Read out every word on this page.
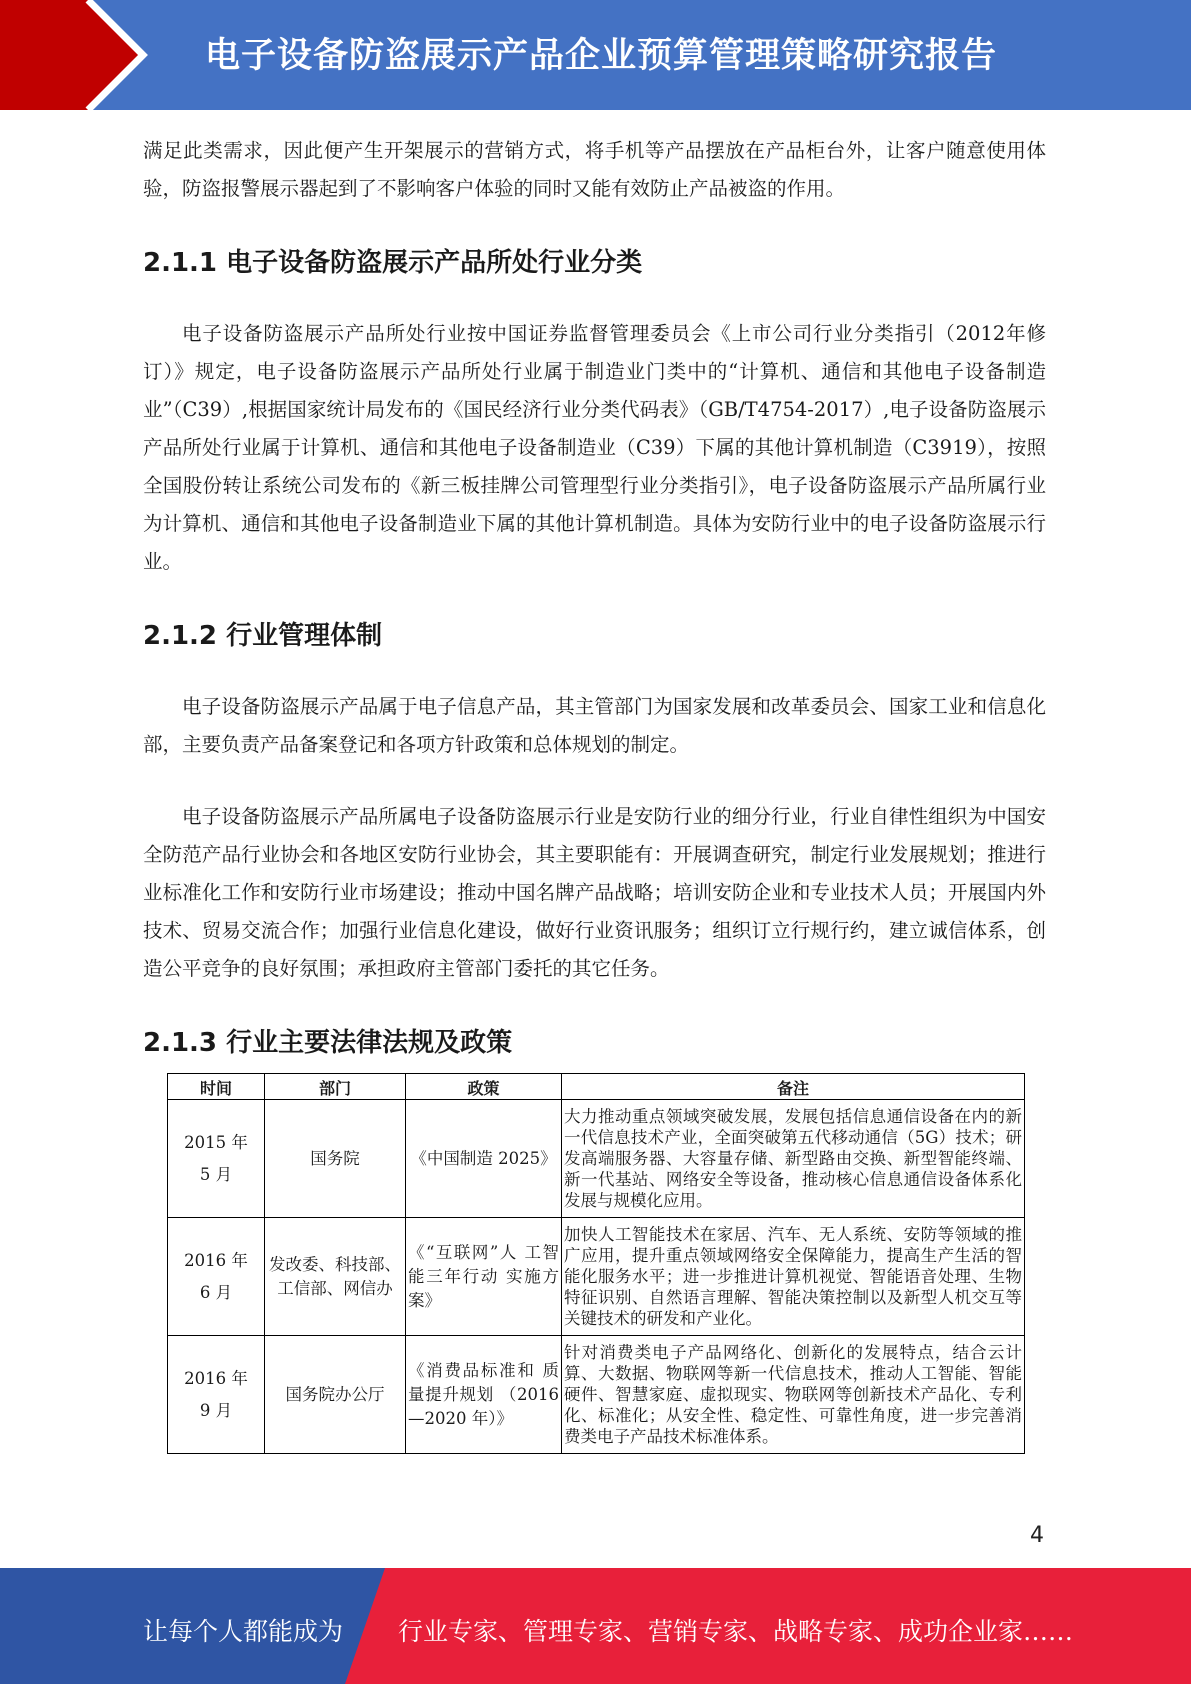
电子设备防盗展示产品企业预算管理策略研究报告

满足此类需求，因此便产生开架展示的营销方式，将手机等产品摆放在产品柜台外，让客户随意使用体验，防盗报警展示器起到了不影响客户体验的同时又能有效防止产品被盗的作用。

2.1.1 电子设备防盗展示产品所处行业分类

电子设备防盗展示产品所处行业按中国证券监督管理委员会《上市公司行业分类指引（2012年修订）》规定，电子设备防盗展示产品所处行业属于制造业门类中的“计算机、通信和其他电子设备制造业”（C39）,根据国家统计局发布的《国民经济行业分类代码表》（GB/T4754-2017）,电子设备防盗展示产品所处行业属于计算机、通信和其他电子设备制造业（C39）下属的其他计算机制造（C3919），按照全国股份转让系统公司发布的《新三板挂牌公司管理型行业分类指引》，电子设备防盗展示产品所属行业为计算机、通信和其他电子设备制造业下属的其他计算机制造。具体为安防行业中的电子设备防盗展示行业。

2.1.2 行业管理体制

电子设备防盗展示产品属于电子信息产品，其主管部门为国家发展和改革委员会、国家工业和信息化部，主要负责产品备案登记和各项方针政策和总体规划的制定。

电子设备防盗展示产品所属电子设备防盗展示行业是安防行业的细分行业，行业自律性组织为中国安全防范产品行业协会和各地区安防行业协会，其主要职能有：开展调查研究，制定行业发展规划；推进行业标准化工作和安防行业市场建设；推动中国名牌产品战略；培训安防企业和专业技术人员；开展国内外技术、贸易交流合作；加强行业信息化建设，做好行业资讯服务；组织订立行规行约，建立诚信体系，创造公平竞争的良好氛围；承担政府主管部门委托的其它任务。

2.1.3 行业主要法律法规及政策
时间	部门	政策	备注
2015 年 5 月	国务院	《中国制造 2025》	大力推动重点领域突破发展，发展包括信息通信设备在内的新一代信息技术产业，全面突破第五代移动通信（5G）技术；研发高端服务器、大容量存储、新型路由交换、新型智能终端、新一代基站、网络安全等设备，推动核心信息通信设备体系化发展与规模化应用。
2016 年 6 月	发改委、科技部、工信部、网信办	《“互联网”人 工智能三年行动 实施方案》	加快人工智能技术在家居、汽车、无人系统、安防等领域的推广应用，提升重点领域网络安全保障能力，提高生产生活的智能化服务水平；进一步推进计算机视觉、智能语音处理、生物特征识别、自然语言理解、智能决策控制以及新型人机交互等关键技术的研发和产业化。
2016 年 9 月	国务院办公厅	《消费品标准和 质量提升规划 （2016—2020 年）》	针对消费类电子产品网络化、创新化的发展特点，结合云计算、大数据、物联网等新一代信息技术，推动人工智能、智能硬件、智慧家庭、虚拟现实、物联网等创新技术产品化、专利化、标准化；从安全性、稳定性、可靠性角度，进一步完善消费类电子产品技术标准体系。
4
让每个人都能成为 行业专家、管理专家、营销专家、战略专家、成功企业家……
